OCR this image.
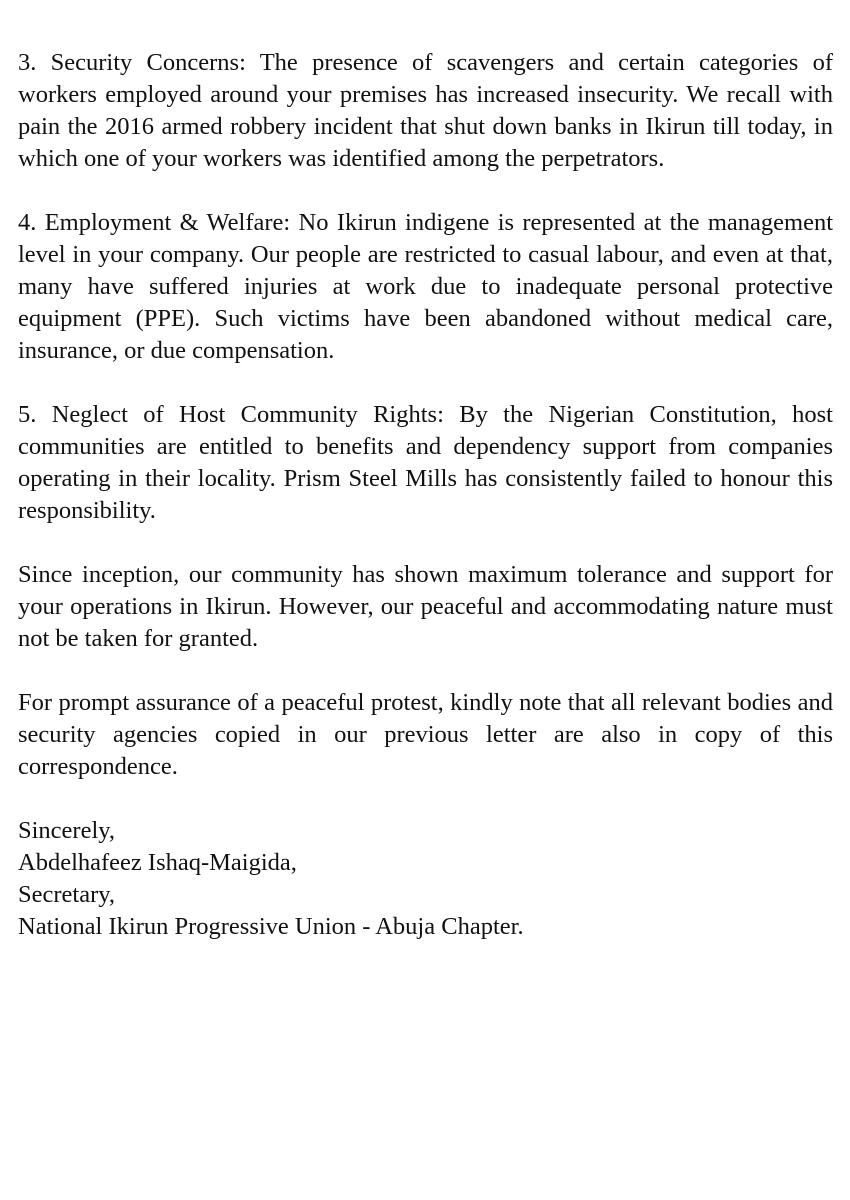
3. Security Concerns: The presence of scavengers and certain categories of workers employed around your premises has increased insecurity. We recall with pain the 2016 armed robbery incident that shut down banks in Ikirun till today, in which one of your workers was identified among the perpetrators.

4. Employment & Welfare: No Ikirun indigene is represented at the management level in your company. Our people are restricted to casual labour, and even at that, many have suffered injuries at work due to inadequate personal protective equipment (PPE). Such victims have been abandoned without medical care, insurance, or due compensation.

5. Neglect of Host Community Rights: By the Nigerian Constitution, host communities are entitled to benefits and dependency support from companies operating in their locality. Prism Steel Mills has consistently failed to honour this responsibility.

Since inception, our community has shown maximum tolerance and support for your operations in Ikirun. However, our peaceful and accommodating nature must not be taken for granted.

For prompt assurance of a peaceful protest, kindly note that all relevant bodies and security agencies copied in our previous letter are also in copy of this correspondence.

Sincerely,
Abdelhafeez Ishaq-Maigida,
Secretary,
National Ikirun Progressive Union - Abuja Chapter.
